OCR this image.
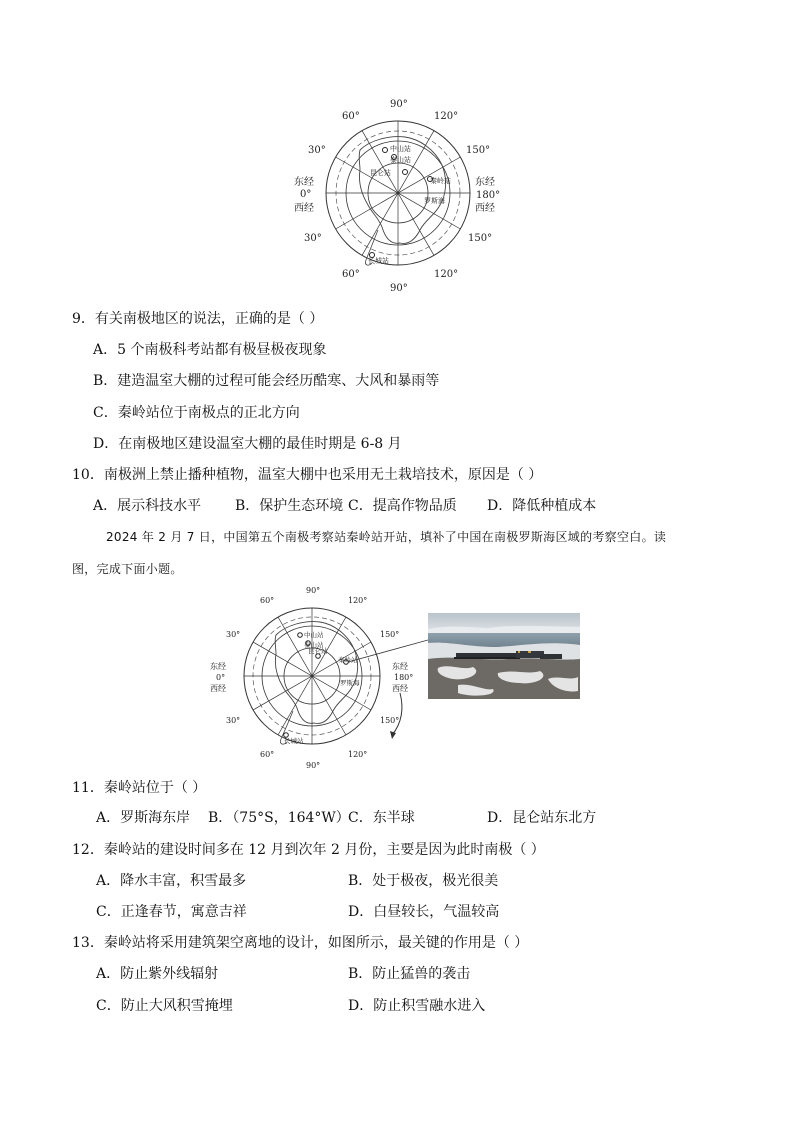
90°
60°	120°
30°	150°
东经
0°
西经
东经
180°
西经
30°	150°
60°	120°
90°
中山站
泰山站
昆仑站
秦岭站
罗斯海
长城站
9．有关南极地区的说法，正确的是（ ）
A．5 个南极科考站都有极昼极夜现象
B．建造温室大棚的过程可能会经历酷寒、大风和暴雨等
C．秦岭站位于南极点的正北方向
D．在南极地区建设温室大棚的最佳时期是 6-8 月
10．南极洲上禁止播种植物，温室大棚中也采用无土栽培技术，原因是（ ）
A．展示科技水平 B．保护生态环境 C．提高作物品质 D．降低种植成本
2024 年 2 月 7 日，中国第五个南极考察站秦岭站开站，填补了中国在南极罗斯海区域的考察空白。读
图，完成下面小题。
90°
60°	120°
30°	150°
东经
0°
西经
东经
180°
西经
30°	150°
60°	120°
90°
中山站
泰山站
昆仑站
秦岭站
罗斯海
长城站
11．秦岭站位于（ ）
A．罗斯海东岸 B．（75°S，164°W）
C．东半球	D．昆仑站东北方
12．秦岭站的建设时间多在 12 月到次年 2 月份，主要是因为此时南极（ ）
A．降水丰富，积雪最多	B．处于极夜，极光很美
C．正逢春节，寓意吉祥	D．白昼较长，气温较高
13．秦岭站将采用建筑架空离地的设计，如图所示，最关键的作用是（ ）
A．防止紫外线辐射	B．防止猛兽的袭击
C．防止大风积雪掩埋	D．防止积雪融水进入
